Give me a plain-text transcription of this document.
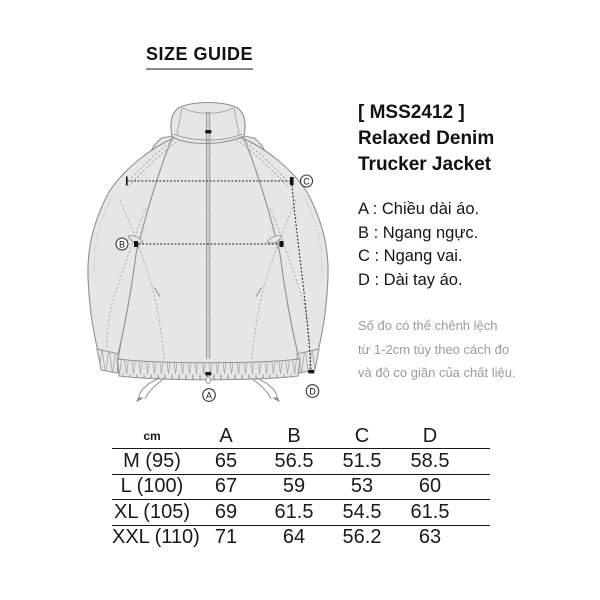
SIZE GUIDE
C
B
A	D
[ MSS2412 ]
Relaxed Denim
Trucker Jacket
A : Chiều dài áo.
B : Ngang ngực.
C : Ngang vai.
D : Dài tay áo.
Số đo có thể chênh lệch
từ 1-2cm tùy theo cách đo
và độ co giãn của chất liệu.
cm	A	B	C	D
M (95)	65	56.5	51.5	58.5
L (100)	67	59	53	60
XL (105)	69	61.5	54.5	61.5
XXL (110) 71	64	56.2	63
